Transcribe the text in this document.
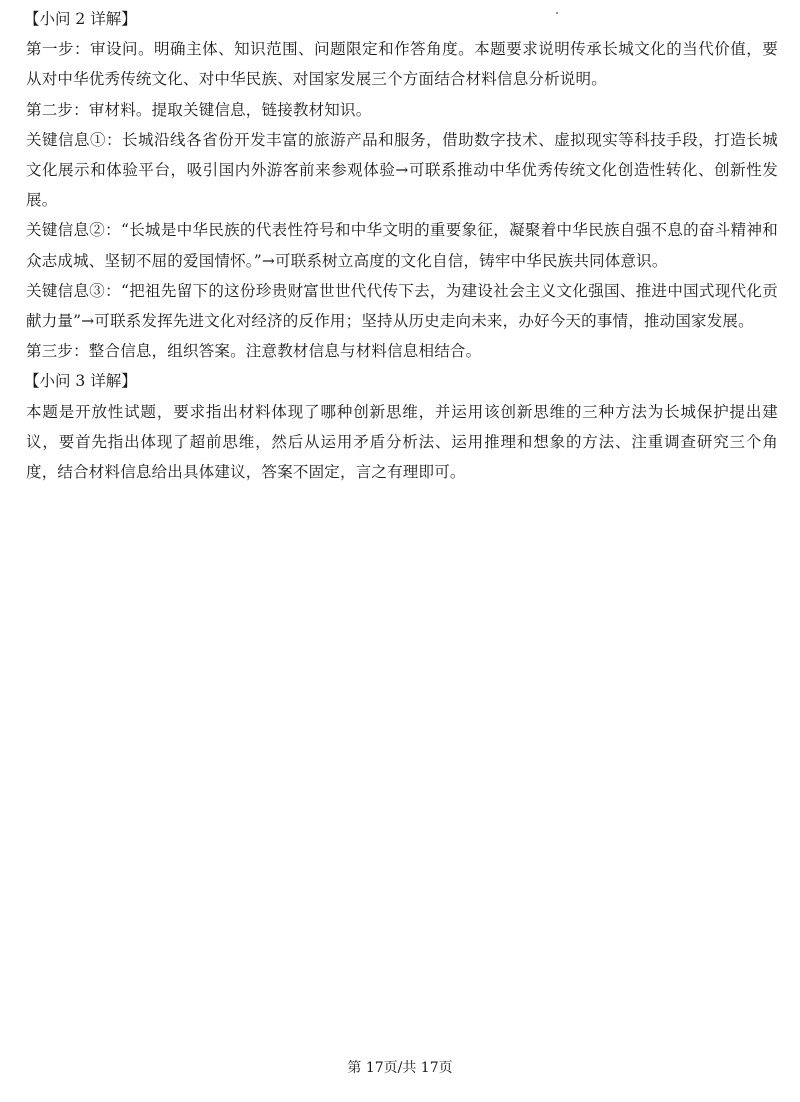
【小问 2 详解】

第一步：审设问。明确主体、知识范围、问题限定和作答角度。本题要求说明传承长城文化的当代价值，要从对中华优秀传统文化、对中华民族、对国家发展三个方面结合材料信息分析说明。

第二步：审材料。提取关键信息，链接教材知识。

关键信息①：长城沿线各省份开发丰富的旅游产品和服务，借助数字技术、虚拟现实等科技手段，打造长城文化展示和体验平台，吸引国内外游客前来参观体验→可联系推动中华优秀传统文化创造性转化、创新性发展。

关键信息②：“长城是中华民族的代表性符号和中华文明的重要象征，凝聚着中华民族自强不息的奋斗精神和众志成城、坚韧不屈的爱国情怀。”→可联系树立高度的文化自信，铸牢中华民族共同体意识。

关键信息③：“把祖先留下的这份珍贵财富世世代代传下去，为建设社会主义文化强国、推进中国式现代化贡献力量”→可联系发挥先进文化对经济的反作用；坚持从历史走向未来，办好今天的事情，推动国家发展。

第三步：整合信息，组织答案。注意教材信息与材料信息相结合。

【小问 3 详解】

本题是开放性试题，要求指出材料体现了哪种创新思维，并运用该创新思维的三种方法为长城保护提出建议，要首先指出体现了超前思维，然后从运用矛盾分析法、运用推理和想象的方法、注重调查研究三个角度，结合材料信息给出具体建议，答案不固定，言之有理即可。

第 17页/共 17页
